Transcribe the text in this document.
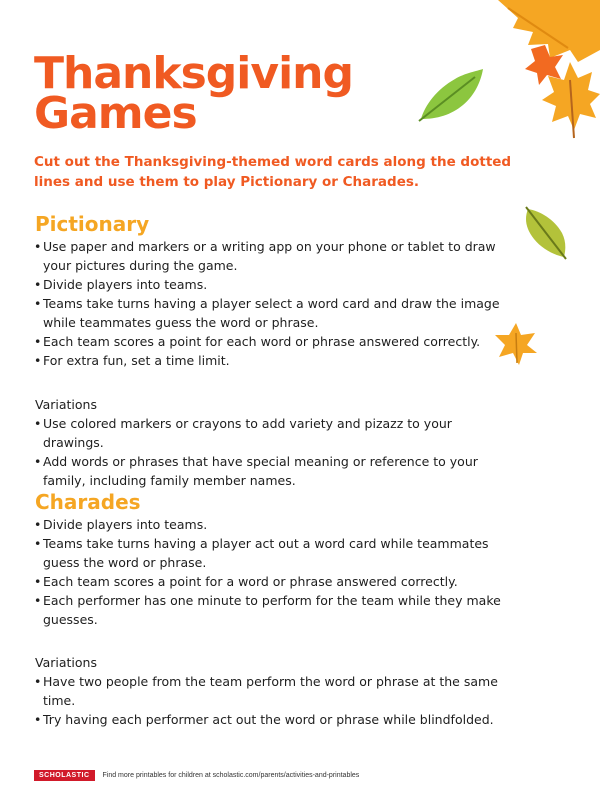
Thanksgiving
Games

Cut out the Thanksgiving-themed word cards along the dotted lines and use them to play Pictionary or Charades.

Pictionary
• Use paper and markers or a writing app on your phone or tablet to draw your pictures during the game.
• Divide players into teams.
• Teams take turns having a player select a word card and draw the image while teammates guess the word or phrase.
• Each team scores a point for each word or phrase answered correctly.
• For extra fun, set a time limit.

Variations

• Use colored markers or crayons to add variety and pizazz to your drawings.
• Add words or phrases that have special meaning or reference to your family, including family member names.
Charades
• Divide players into teams.
• Teams take turns having a player act out a word card while teammates guess the word or phrase.
• Each team scores a point for a word or phrase answered correctly.
• Each performer has one minute to perform for the team while they make guesses.

Variations

• Have two people from the team perform the word or phrase at the same time.
• Try having each performer act out the word or phrase while blindfolded.
SCHOLASTIC	Find more printables for children at scholastic.com/parents/activities-and-printables
